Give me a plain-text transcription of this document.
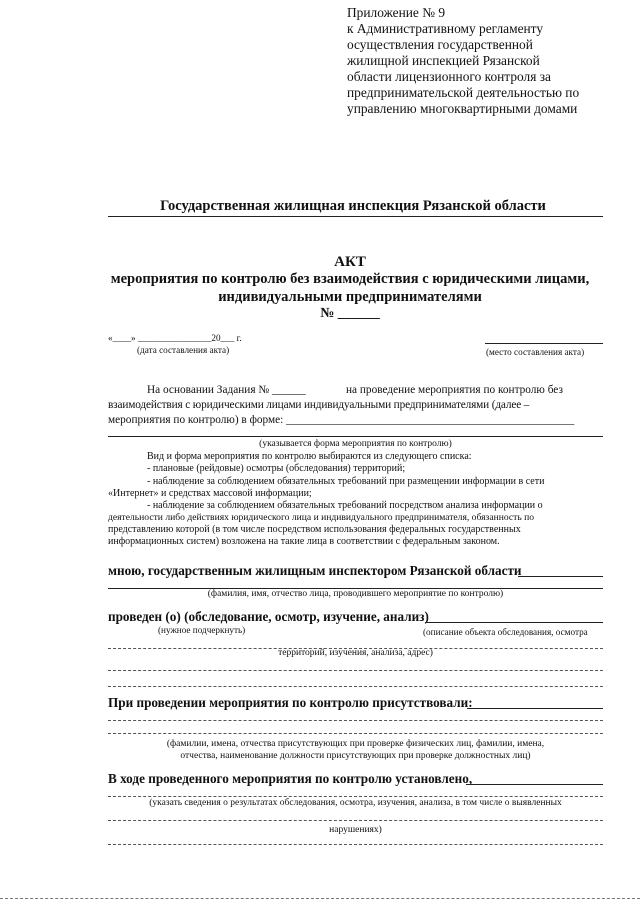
Приложение № 9
к Административному регламенту
осуществления государственной
жилищной инспекцией Рязанской
области лицензионного контроля за
предпринимательской деятельностью по
управлению многоквартирными домами
Государственная жилищная инспекция Рязанской области
АКТ
мероприятия по контролю без взаимодействия с юридическими лицами,
индивидуальными предпринимателями
№ ______
«____» ________________20___ г.
(дата составления акта)	(место составления акта)
На основании Задания № ______	на проведение мероприятия по контролю без
взаимодействия с юридическими лицами индивидуальными предпринимателями (далее –
мероприятия по контролю) в форме: ___________________________________________________
(указывается форма мероприятия по контролю)
Вид и форма мероприятия по контролю выбираются из следующего списка:
- плановые (рейдовые) осмотры (обследования) территорий;
- наблюдение за соблюдением обязательных требований при размещении информации в сети
«Интернет» и средствах массовой информации;
- наблюдение за соблюдением обязательных требований посредством анализа информации о
деятельности либо действиях юридического лица и индивидуального предпринимателя, обязанность по
представлению которой (в том числе посредством использования федеральных государственных
информационных систем) возложена на такие лица в соответствии с федеральным законом.
мною, государственным жилищным инспектором Рязанской области
(фамилия, имя, отчество лица, проводившего мероприятие по контролю)
проведен (о) (обследование, осмотр, изучение, анализ)
(нужное подчеркнуть)	(описание объекта обследования, осмотра
территорий, изучения, анализа, адрес)
При проведении мероприятия по контролю присутствовали:
(фамилии, имена, отчества присутствующих при проверке физических лиц, фамилии, имена,
отчества, наименование должности присутствующих при проверке должностных лиц)
В ходе проведенного мероприятия по контролю установлено,
(указать сведения о результатах обследования, осмотра, изучения, анализа, в том числе о выявленных
нарушениях)
